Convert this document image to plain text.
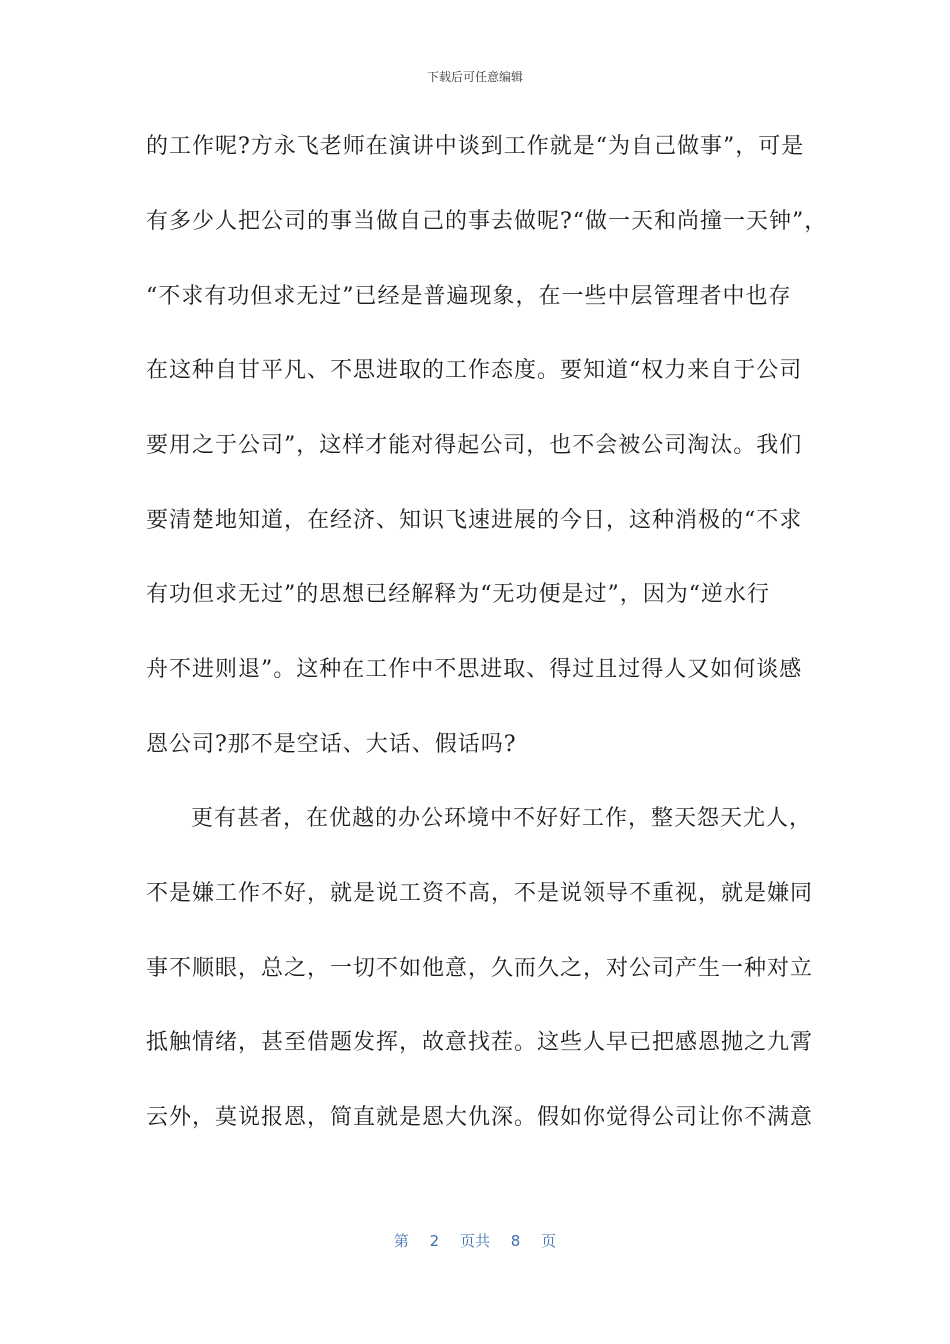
下载后可任意编辑
的工作呢?方永飞老师在演讲中谈到工作就是“为自己做事”，可是
有多少人把公司的事当做自己的事去做呢?“做一天和尚撞一天钟”，
“不求有功但求无过”已经是普遍现象，在一些中层管理者中也存
在这种自甘平凡、不思进取的工作态度。要知道“权力来自于公司
要用之于公司”，这样才能对得起公司，也不会被公司淘汰。我们
要清楚地知道，在经济、知识飞速进展的今日，这种消极的“不求
有功但求无过”的思想已经解释为“无功便是过”，因为“逆水行
舟不进则退”。这种在工作中不思进取、得过且过得人又如何谈感
恩公司?那不是空话、大话、假话吗?
更有甚者，在优越的办公环境中不好好工作，整天怨天尤人，
不是嫌工作不好，就是说工资不高，不是说领导不重视，就是嫌同
事不顺眼，总之，一切不如他意，久而久之，对公司产生一种对立
抵触情绪，甚至借题发挥，故意找茬。这些人早已把感恩抛之九霄
云外，莫说报恩，简直就是恩大仇深。假如你觉得公司让你不满意
第 2 页共 8 页
